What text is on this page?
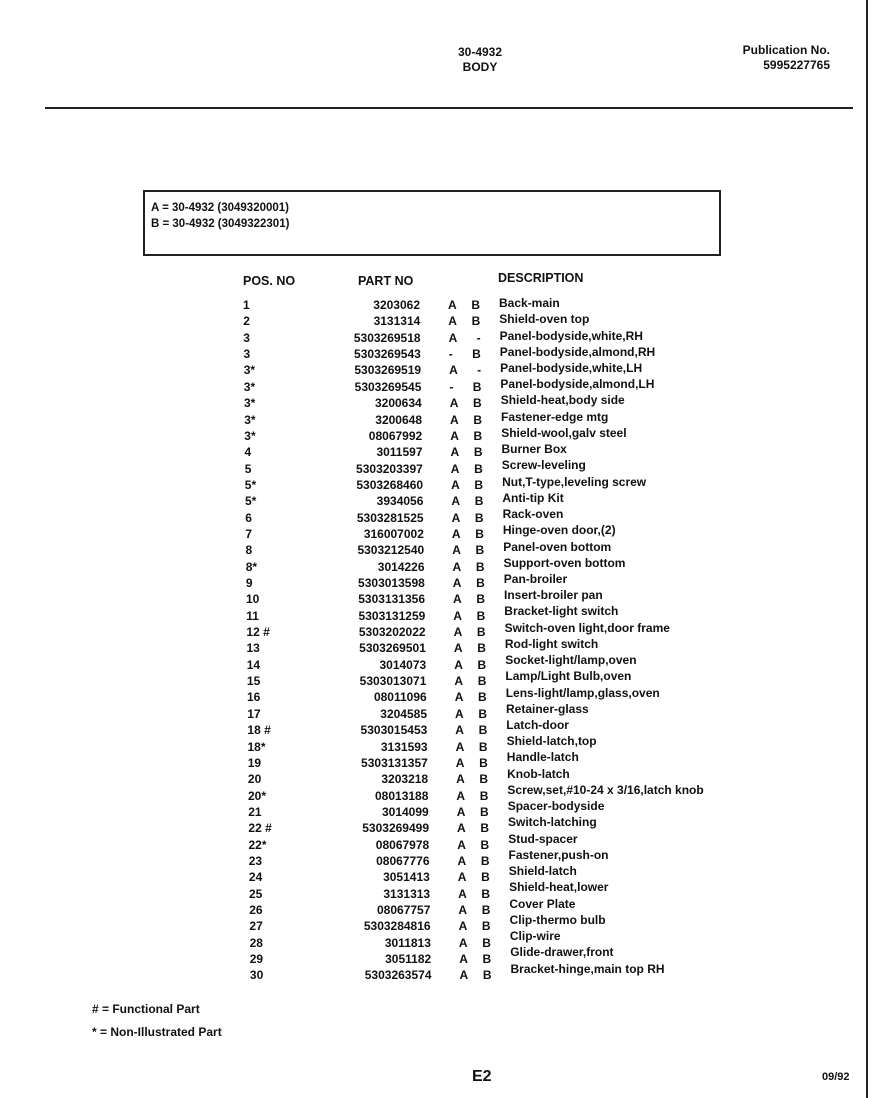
30-4932
BODY
Publication No.
5995227765
A = 30-4932 (3049320001)
B = 30-4932 (3049322301)
POS. NO	PART NO	DESCRIPTION
1	3203062 A B Back-main
2	3131314 A B Shield-oven top
3	5303269518 A - Panel-bodyside,white,RH
3	5303269543 - B Panel-bodyside,almond,RH
3*	5303269519 A - Panel-bodyside,white,LH
3*	5303269545 - B Panel-bodyside,almond,LH
3*	3200634 A B Shield-heat,body side
3*	3200648 A B Fastener-edge mtg
3*	08067992 A B Shield-wool,galv steel
4	3011597 A B Burner Box
5	5303203397 A B Screw-leveling
5*	5303268460 A B Nut,T-type,leveling screw
5*	3934056 A B Anti-tip Kit
6	5303281525 A B Rack-oven
7	316007002 A B Hinge-oven door,(2)
8	5303212540 A B Panel-oven bottom
8*	3014226 A B Support-oven bottom
9	5303013598 A B Pan-broiler
10	5303131356 A B Insert-broiler pan
11	5303131259 A B Bracket-light switch
12 #	5303202022 A B Switch-oven light,door frame
13	5303269501 A B Rod-light switch
14	3014073 A B Socket-light/lamp,oven
15	5303013071 A B Lamp/Light Bulb,oven
16	08011096 A B Lens-light/lamp,glass,oven
17	3204585 A B Retainer-glass
18 #	5303015453 A B Latch-door
18*	3131593 A B Shield-latch,top
19	5303131357 A B Handle-latch
20	3203218 A B Knob-latch
20*	08013188 A B Screw,set,#10-24 x 3/16,latch knob
21	3014099 A B Spacer-bodyside
22 #	5303269499 A B Switch-latching
22*	08067978 A B Stud-spacer
23	08067776 A B Fastener,push-on
24	3051413 A B Shield-latch
25	3131313 A B Shield-heat,lower
26	08067757 A B Cover Plate
27	5303284816 A B Clip-thermo bulb
28	3011813 A B Clip-wire
29	3051182 A B Glide-drawer,front
30	5303263574 A B Bracket-hinge,main top RH
# = Functional Part
* = Non-Illustrated Part
E2	09/92
